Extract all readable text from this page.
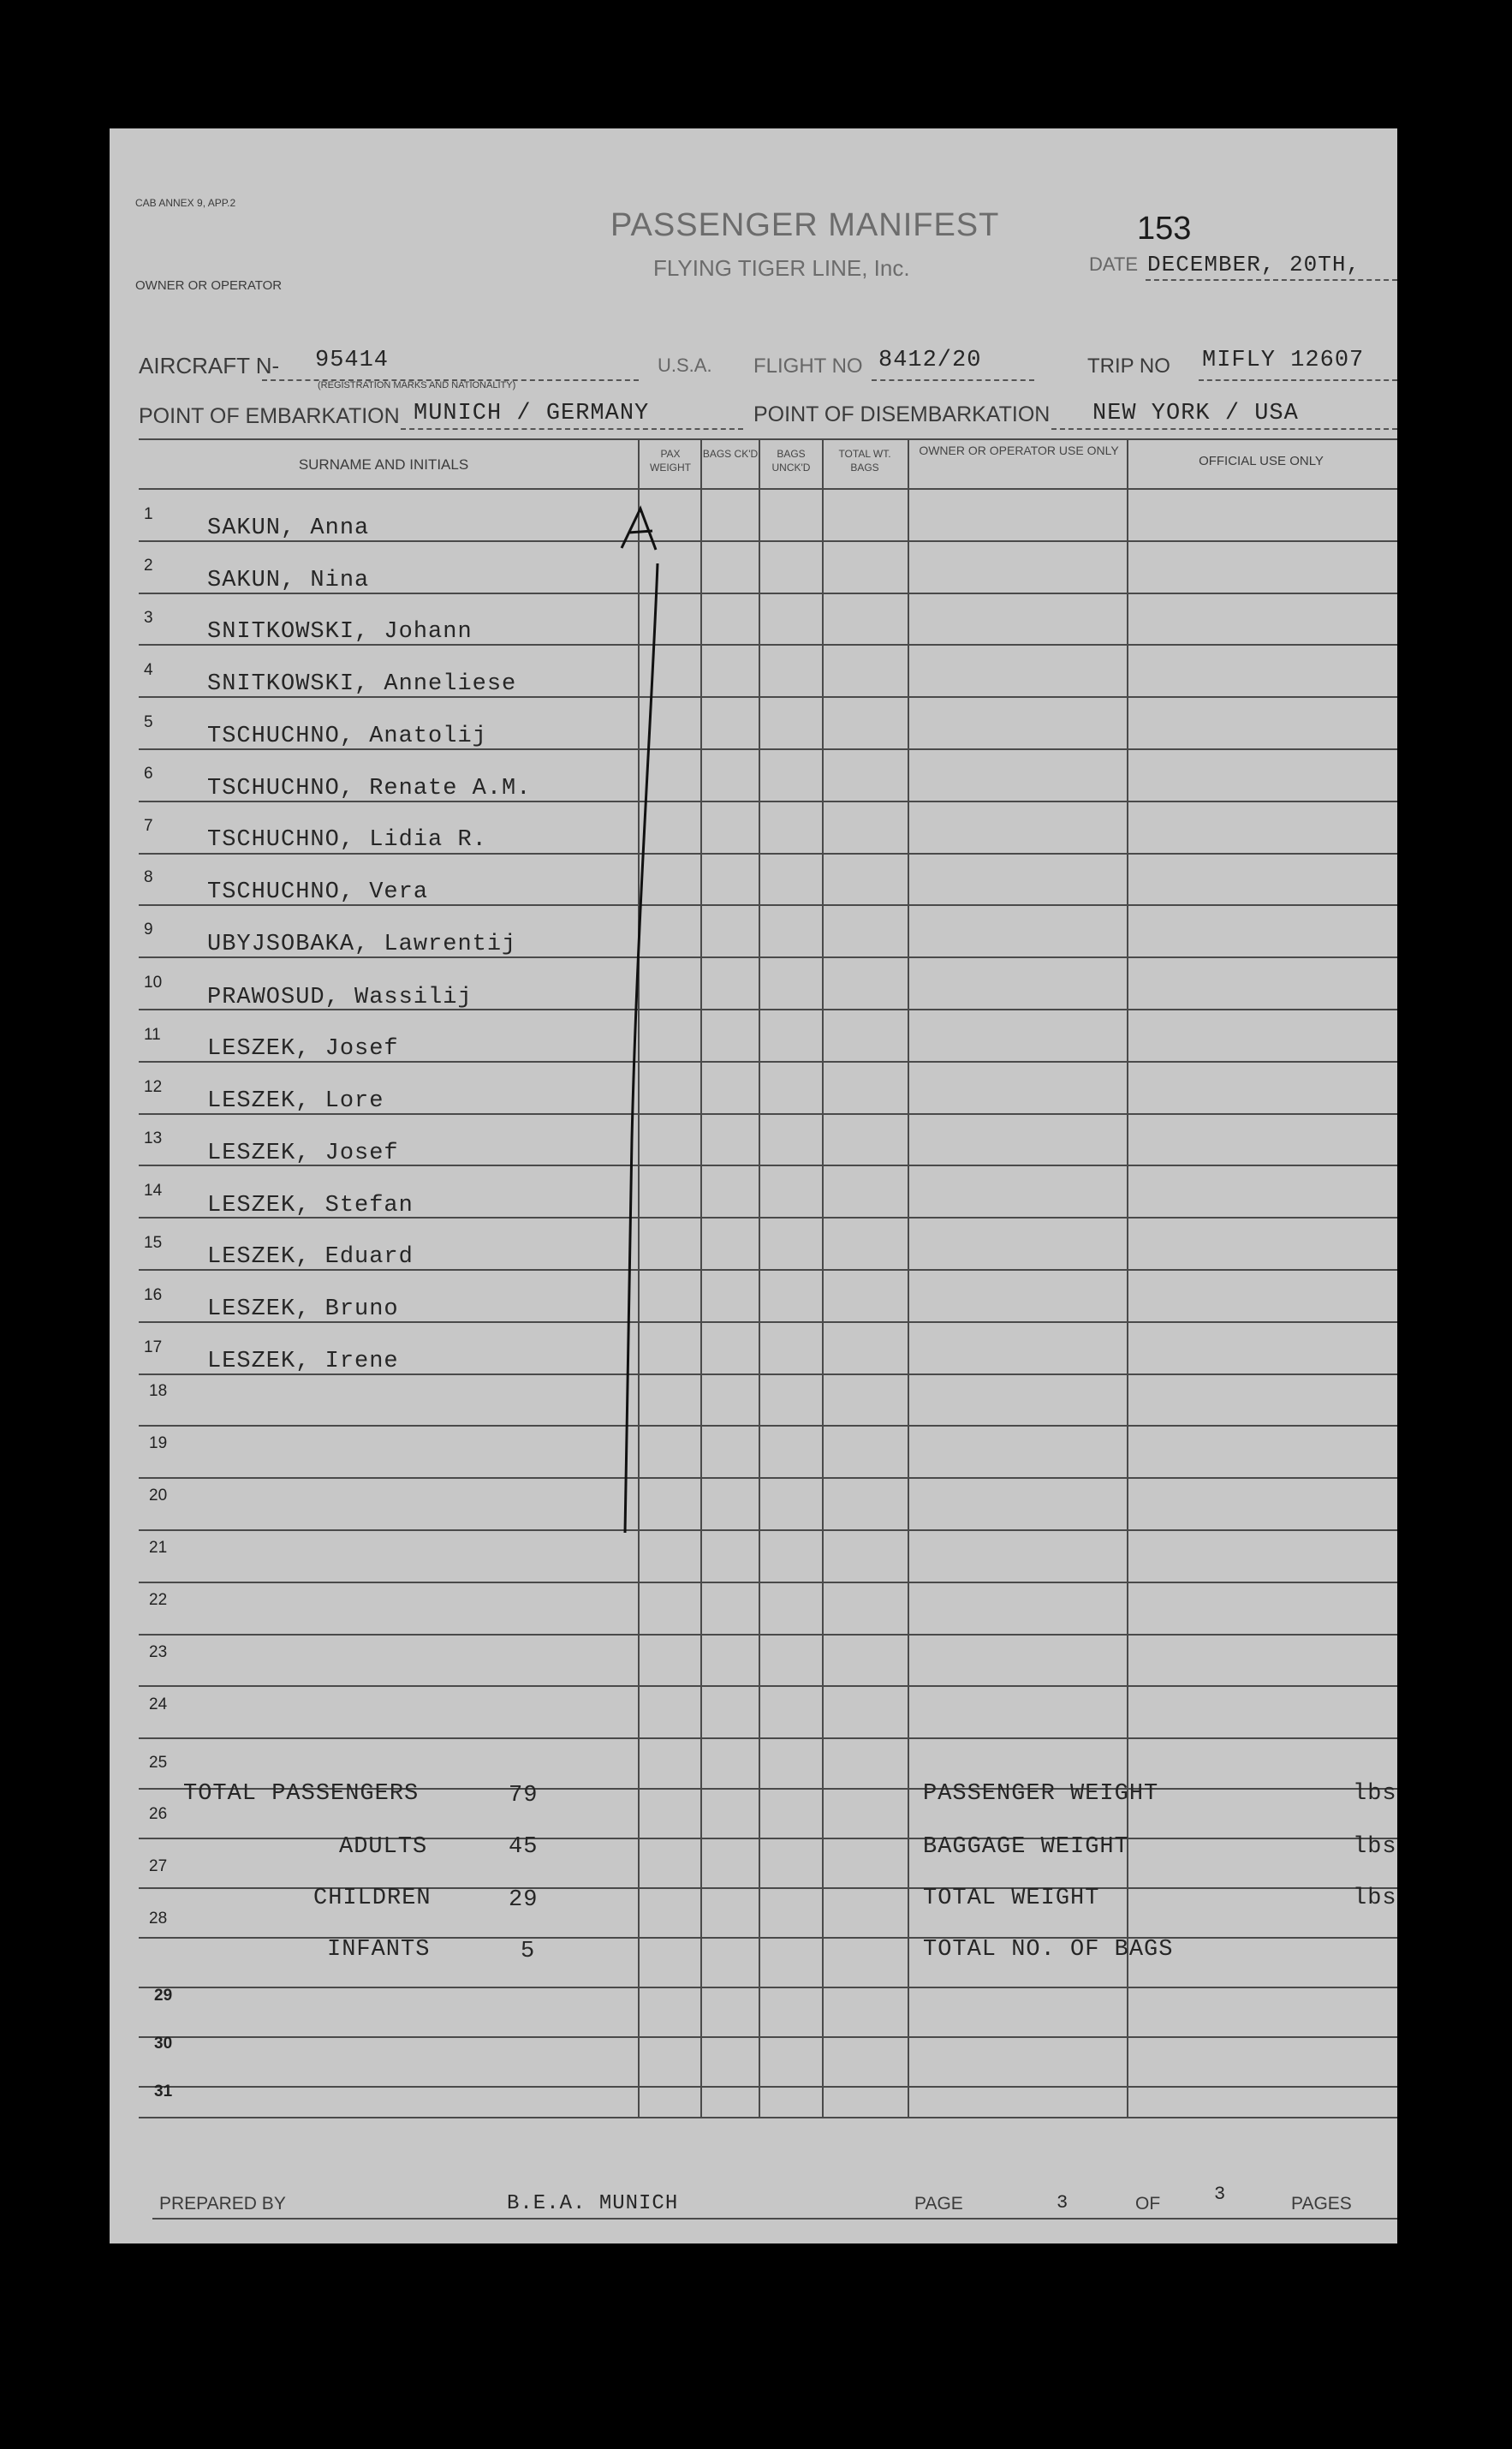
CAB ANNEX 9, APP.2
PASSENGER MANIFEST
FLYING TIGER LINE, Inc.
153
OWNER OR OPERATOR
DATE DECEMBER, 20TH,
AIRCRAFT N- 95414
(REGISTRATION MARKS AND NATIONALITY)
U.S.A. FLIGHT NO 8412/20	TRIP NO MIFLY 12607
POINT OF EMBARKATION MUNICH / GERMANY	POINT OF DISEMBARKATION NEW YORK / USA
SURNAME AND INITIALS
PAX WEIGHT
BAGS CK'D	BAGS UNCK'D
TOTAL WT. BAGS
OWNER OR OPERATOR USE ONLY
OFFICIAL USE ONLY
1
SAKUN, Anna
2
SAKUN, Nina
3
SNITKOWSKI, Johann
4
SNITKOWSKI, Anneliese
5
TSCHUCHNO, Anatolij
6
TSCHUCHNO, Renate A.M.
7
TSCHUCHNO, Lidia R.
8
TSCHUCHNO, Vera
9
UBYJSOBAKA, Lawrentij
10
PRAWOSUD, Wassilij
11
LESZEK, Josef
12
LESZEK, Lore
13
LESZEK, Josef
14
LESZEK, Stefan
15
LESZEK, Eduard
16
LESZEK, Bruno
17
LESZEK, Irene
18
19
20
21
22
23
24
25
TOTAL PASSENGERS	79	PASSENGER WEIGHT	lbs
26
ADULTS	45	BAGGAGE WEIGHT	lbs
27
CHILDREN	29	TOTAL WEIGHT	lbs
28
INFANTS	5	TOTAL NO. OF BAGS
29
30
31
PREPARED BY	B.E.A. MUNICH	PAGE	3	OF	3	PAGES
